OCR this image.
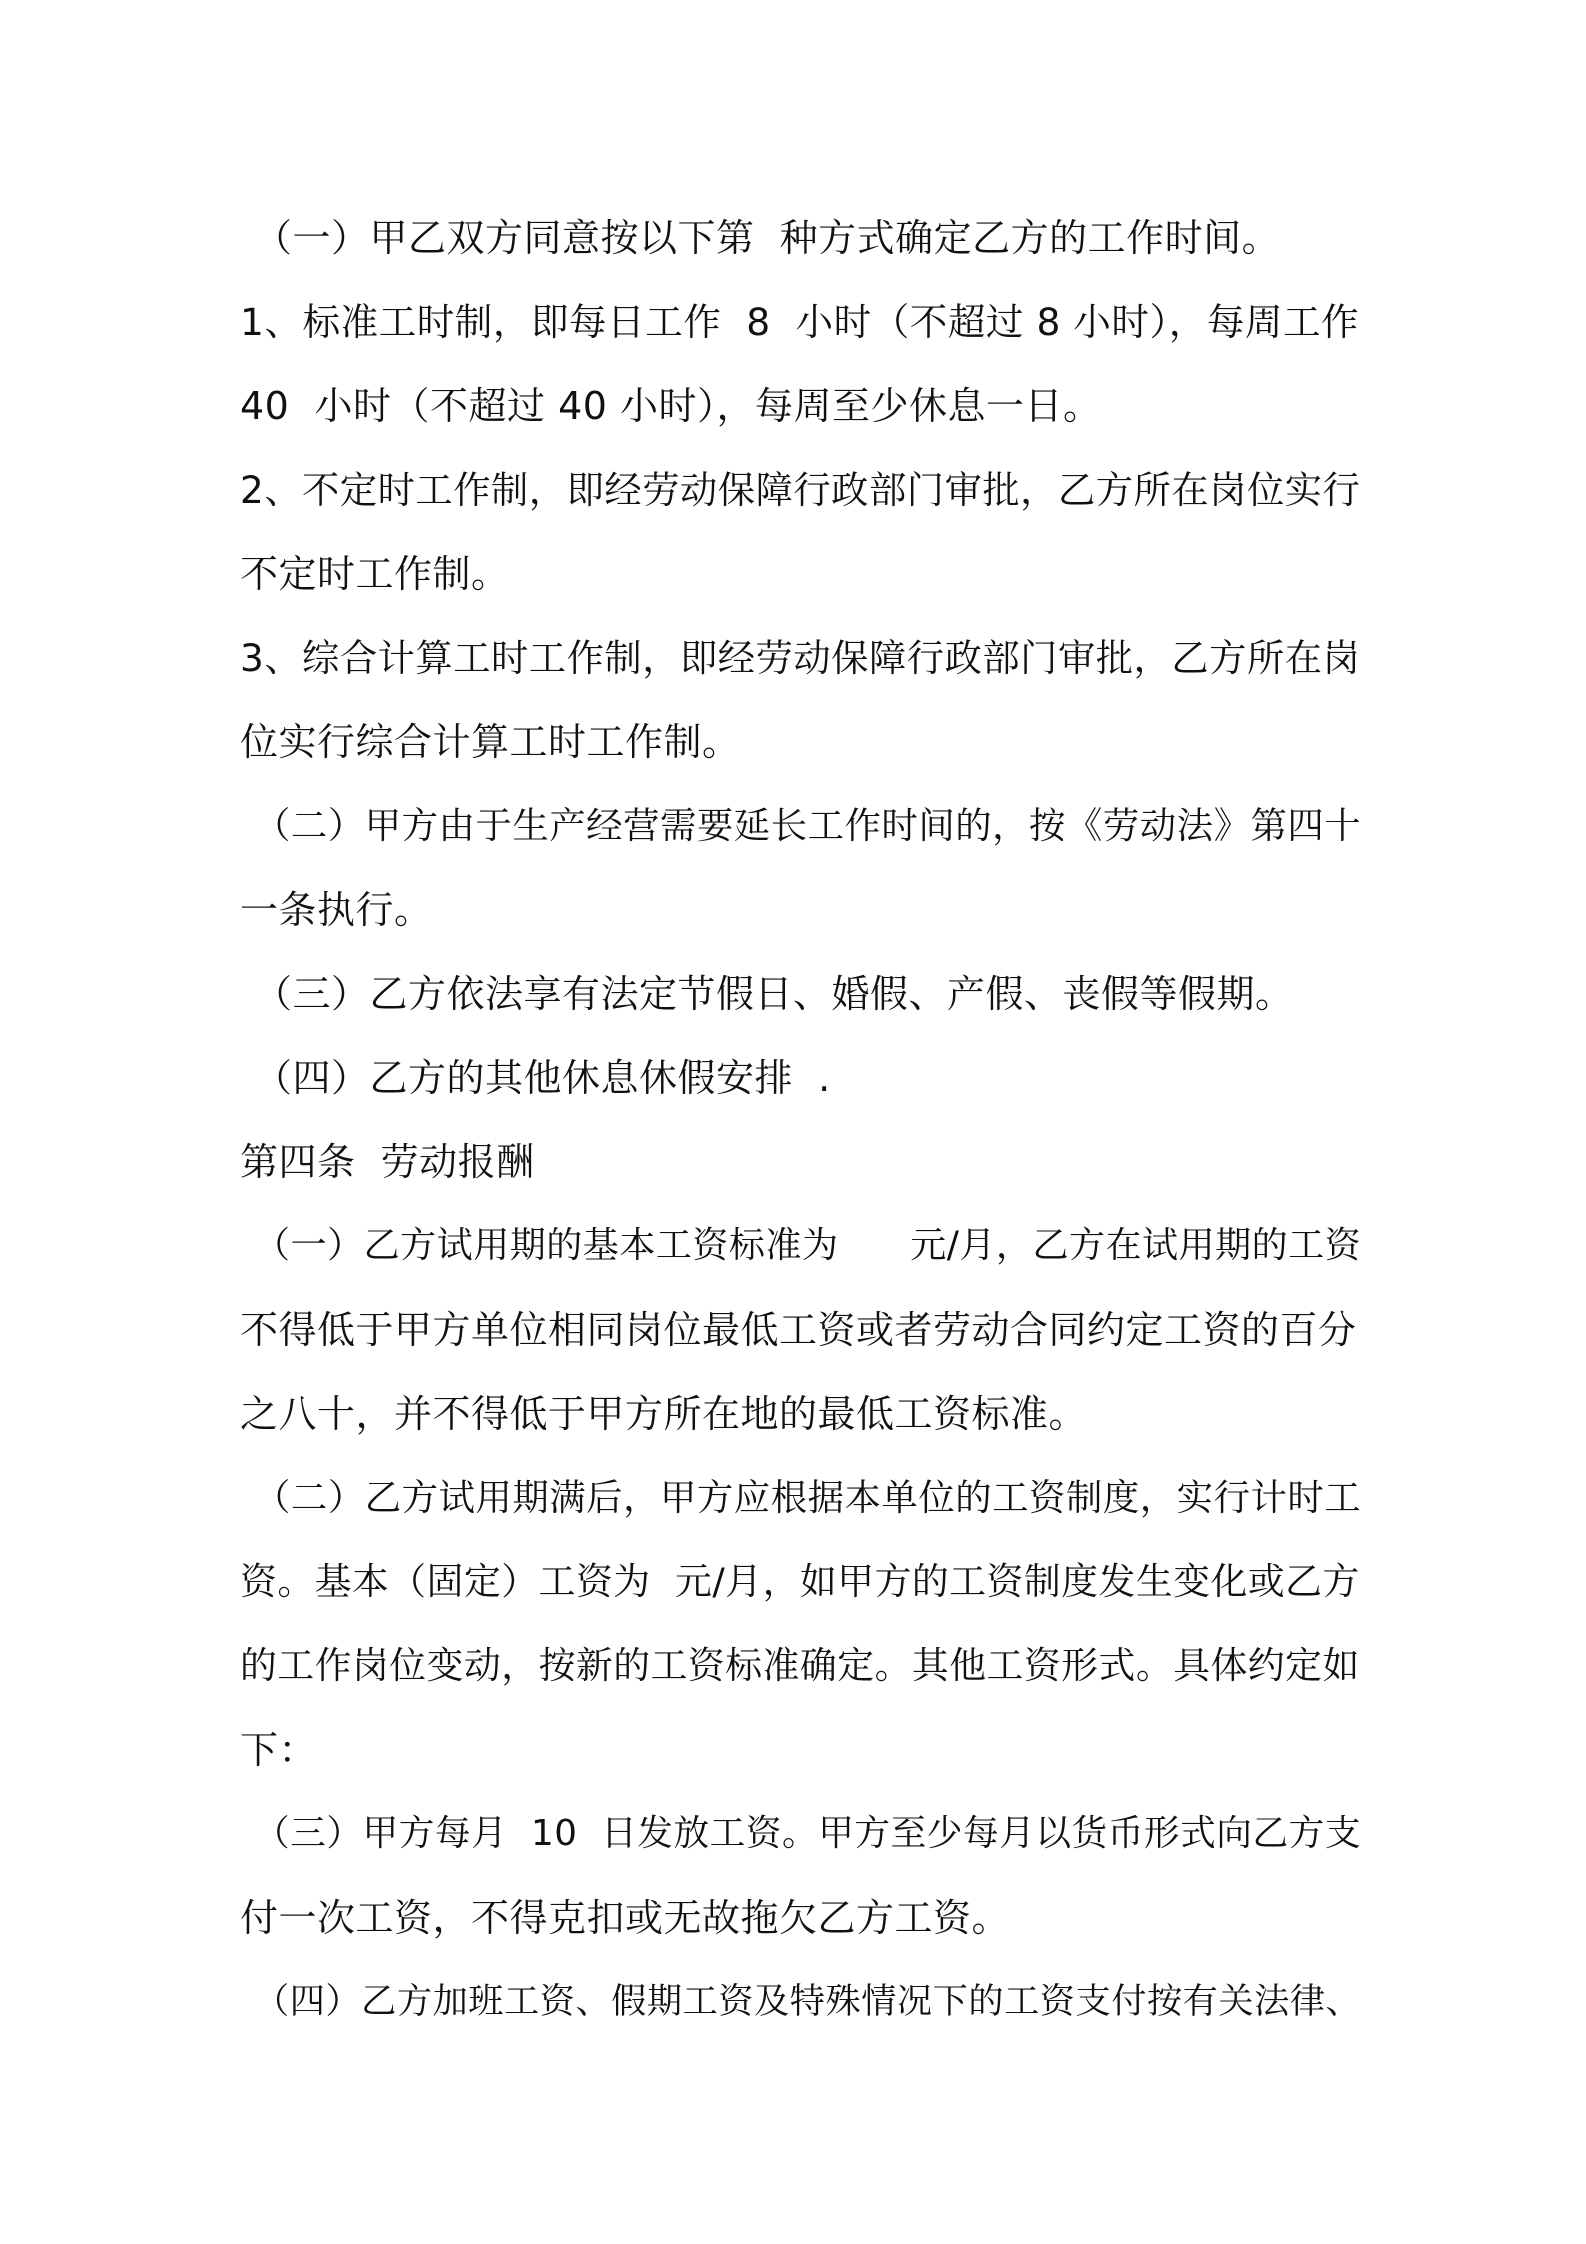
（一）甲乙双方同意按以下第  种方式确定乙方的工作时间。
1、标准工时制，即每日工作  8  小时（不超过 8 小时），每周工作
40  小时（不超过 40 小时），每周至少休息一日。
2、不定时工作制，即经劳动保障行政部门审批，乙方所在岗位实行
不定时工作制。
3、综合计算工时工作制，即经劳动保障行政部门审批，乙方所在岗
位实行综合计算工时工作制。
（二）甲方由于生产经营需要延长工作时间的，按《劳动法》第四十
一条执行。
（三）乙方依法享有法定节假日、婚假、产假、丧假等假期。
（四）乙方的其他休息休假安排  .
第四条  劳动报酬
（一）乙方试用期的基本工资标准为      元/月，乙方在试用期的工资
不得低于甲方单位相同岗位最低工资或者劳动合同约定工资的百分
之八十，并不得低于甲方所在地的最低工资标准。
（二）乙方试用期满后，甲方应根据本单位的工资制度，实行计时工
资。基本（固定）工资为  元/月，如甲方的工资制度发生变化或乙方
的工作岗位变动，按新的工资标准确定。其他工资形式。具体约定如
下：
（三）甲方每月  10  日发放工资。甲方至少每月以货币形式向乙方支
付一次工资，不得克扣或无故拖欠乙方工资。
（四）乙方加班工资、假期工资及特殊情况下的工资支付按有关法律、
